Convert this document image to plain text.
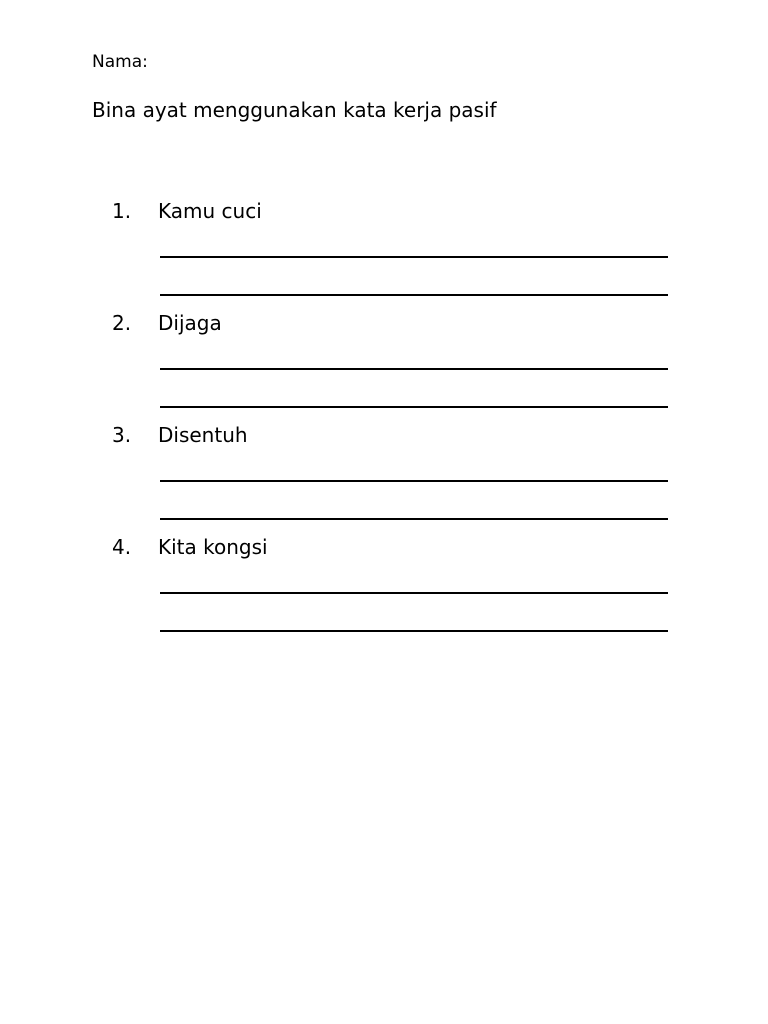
Nama:
Bina ayat menggunakan kata kerja pasif
1. Kamu cuci
2. Dijaga
3. Disentuh
4. Kita kongsi
